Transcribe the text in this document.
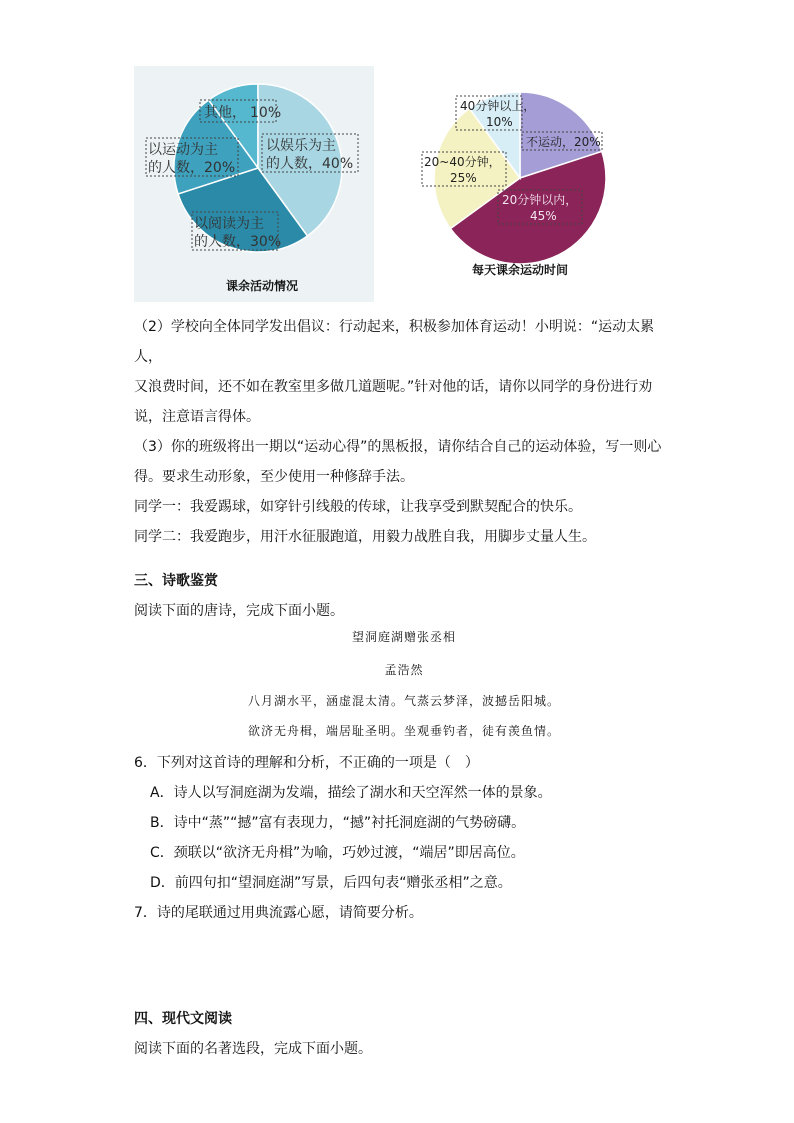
其他， 10%
以娱乐为主
的人数，40%
以运动为主
的人数，20%
以阅读为主
的人数，30%
课余活动情况
40分钟以上，
10%
不运动，20%
20~40分钟，
25%
20分钟以内，
45%
每天课余运动时间

（2）学校向全体同学发出倡议：行动起来，积极参加体育运动！小明说：“运动太累人，

又浪费时间，还不如在教室里多做几道题呢。”针对他的话，请你以同学的身份进行劝

说，注意语言得体。

（3）你的班级将出一期以“运动心得”的黑板报，请你结合自己的运动体验，写一则心

得。要求生动形象，至少使用一种修辞手法。

同学一：我爱踢球，如穿针引线般的传球，让我享受到默契配合的快乐。

同学二：我爱跑步，用汗水征服跑道，用毅力战胜自我，用脚步丈量人生。

三、诗歌鉴赏

阅读下面的唐诗，完成下面小题。

望洞庭湖赠张丞相
孟浩然
八月湖水平，涵虚混太清。气蒸云梦泽，波撼岳阳城。
欲济无舟楫，端居耻圣明。坐观垂钓者，徒有羡鱼情。

6．下列对这首诗的理解和分析，不正确的一项是（　）

A．诗人以写洞庭湖为发端，描绘了湖水和天空浑然一体的景象。

B．诗中“蒸”“撼”富有表现力，“撼”衬托洞庭湖的气势磅礴。

C．颈联以“欲济无舟楫”为喻，巧妙过渡，“端居”即居高位。

D．前四句扣“望洞庭湖”写景，后四句表“赠张丞相”之意。

7．诗的尾联通过用典流露心愿，请简要分析。

四、现代文阅读

阅读下面的名著选段，完成下面小题。
